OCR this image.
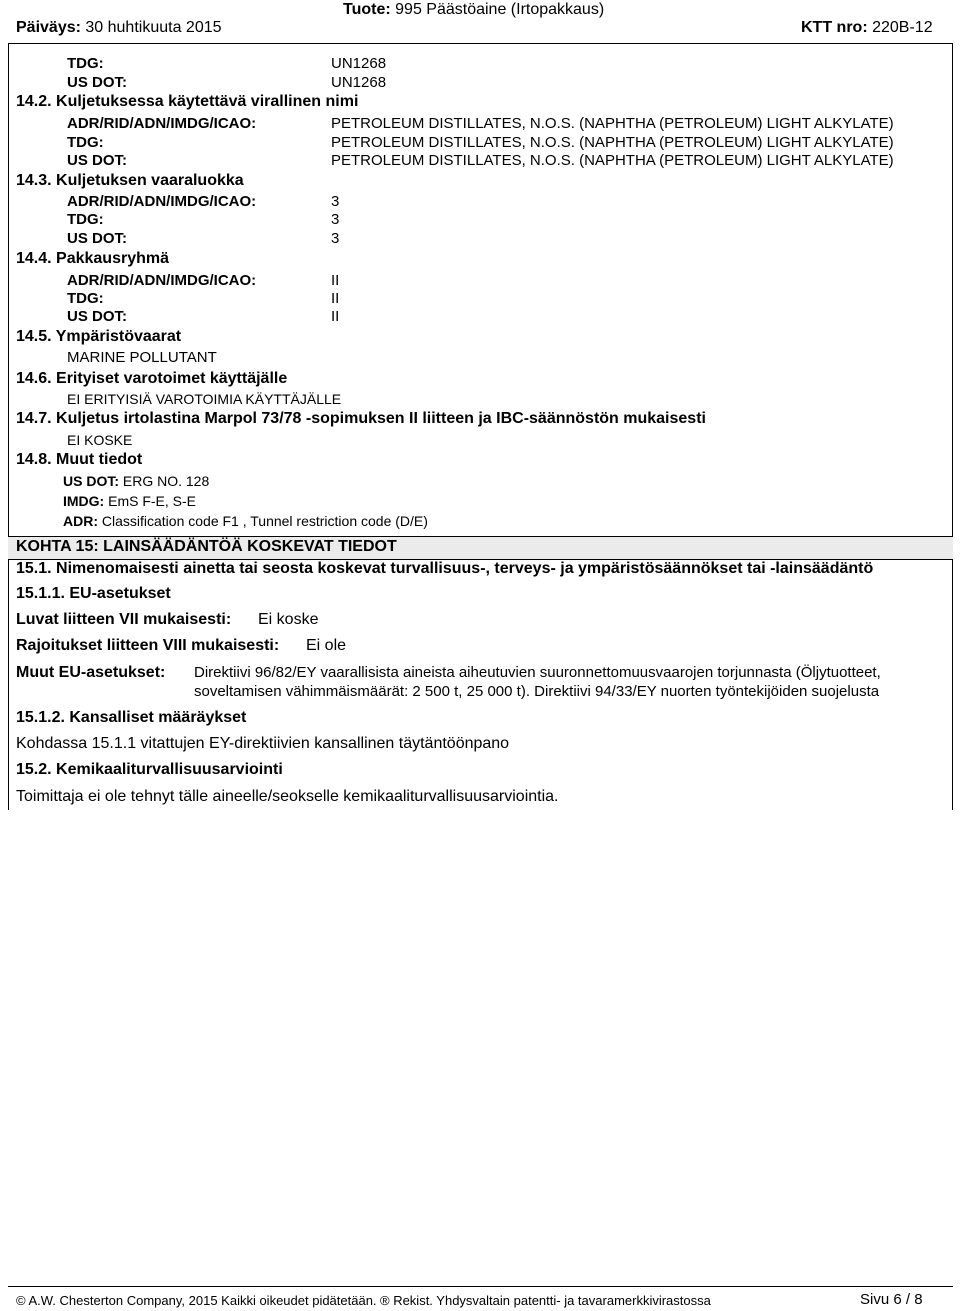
Päiväys: 30 huhtikuuta 2015
Tuote: 995 Päästöaine (Irtopakkaus)
KTT nro: 220B-12
TDG:	UN1268
US DOT:	UN1268
14.2. Kuljetuksessa käytettävä virallinen nimi
ADR/RID/ADN/IMDG/ICAO:	PETROLEUM DISTILLATES, N.O.S. (NAPHTHA (PETROLEUM) LIGHT ALKYLATE)
TDG:	PETROLEUM DISTILLATES, N.O.S. (NAPHTHA (PETROLEUM) LIGHT ALKYLATE)
US DOT:	PETROLEUM DISTILLATES, N.O.S. (NAPHTHA (PETROLEUM) LIGHT ALKYLATE)
14.3. Kuljetuksen vaaraluokka
ADR/RID/ADN/IMDG/ICAO:	3
TDG:	3
US DOT:	3
14.4. Pakkausryhmä
ADR/RID/ADN/IMDG/ICAO:	II
TDG:	II
US DOT:	II
14.5. Ympäristövaarat
MARINE POLLUTANT
14.6. Erityiset varotoimet käyttäjälle
EI ERITYISIÄ VAROTOIMIA KÄYTTÄJÄLLE
14.7. Kuljetus irtolastina Marpol 73/78 -sopimuksen II liitteen ja IBC-säännöstön mukaisesti
EI KOSKE
14.8. Muut tiedot
US DOT: ERG NO. 128
IMDG: EmS F-E, S-E
ADR: Classification code F1 , Tunnel restriction code (D/E)
KOHTA 15: LAINSÄÄDÄNTÖÄ KOSKEVAT TIEDOT
15.1. Nimenomaisesti ainetta tai seosta koskevat turvallisuus-, terveys- ja ympäristösäännökset tai -lainsäädäntö
15.1.1. EU-asetukset
Luvat liitteen VII mukaisesti: Ei koske
Rajoitukset liitteen VIII mukaisesti: Ei ole
Muut EU-asetukset: Direktiivi 96/82/EY vaarallisista aineista aiheutuvien suuronnettomuusvaarojen torjunnasta (Öljytuotteet,
soveltamisen vähimmäismäärät: 2 500 t, 25 000 t). Direktiivi 94/33/EY nuorten työntekijöiden suojelusta
15.1.2. Kansalliset määräykset
Kohdassa 15.1.1 vitattujen EY-direktiivien kansallinen täytäntöönpano
15.2. Kemikaaliturvallisuusarviointi
Toimittaja ei ole tehnyt tälle aineelle/seokselle kemikaaliturvallisuusarviointia.
© A.W. Chesterton Company, 2015 Kaikki oikeudet pidätetään. ® Rekist. Yhdysvaltain patentti- ja tavaramerkkivirastossa	Sivu 6 / 8
